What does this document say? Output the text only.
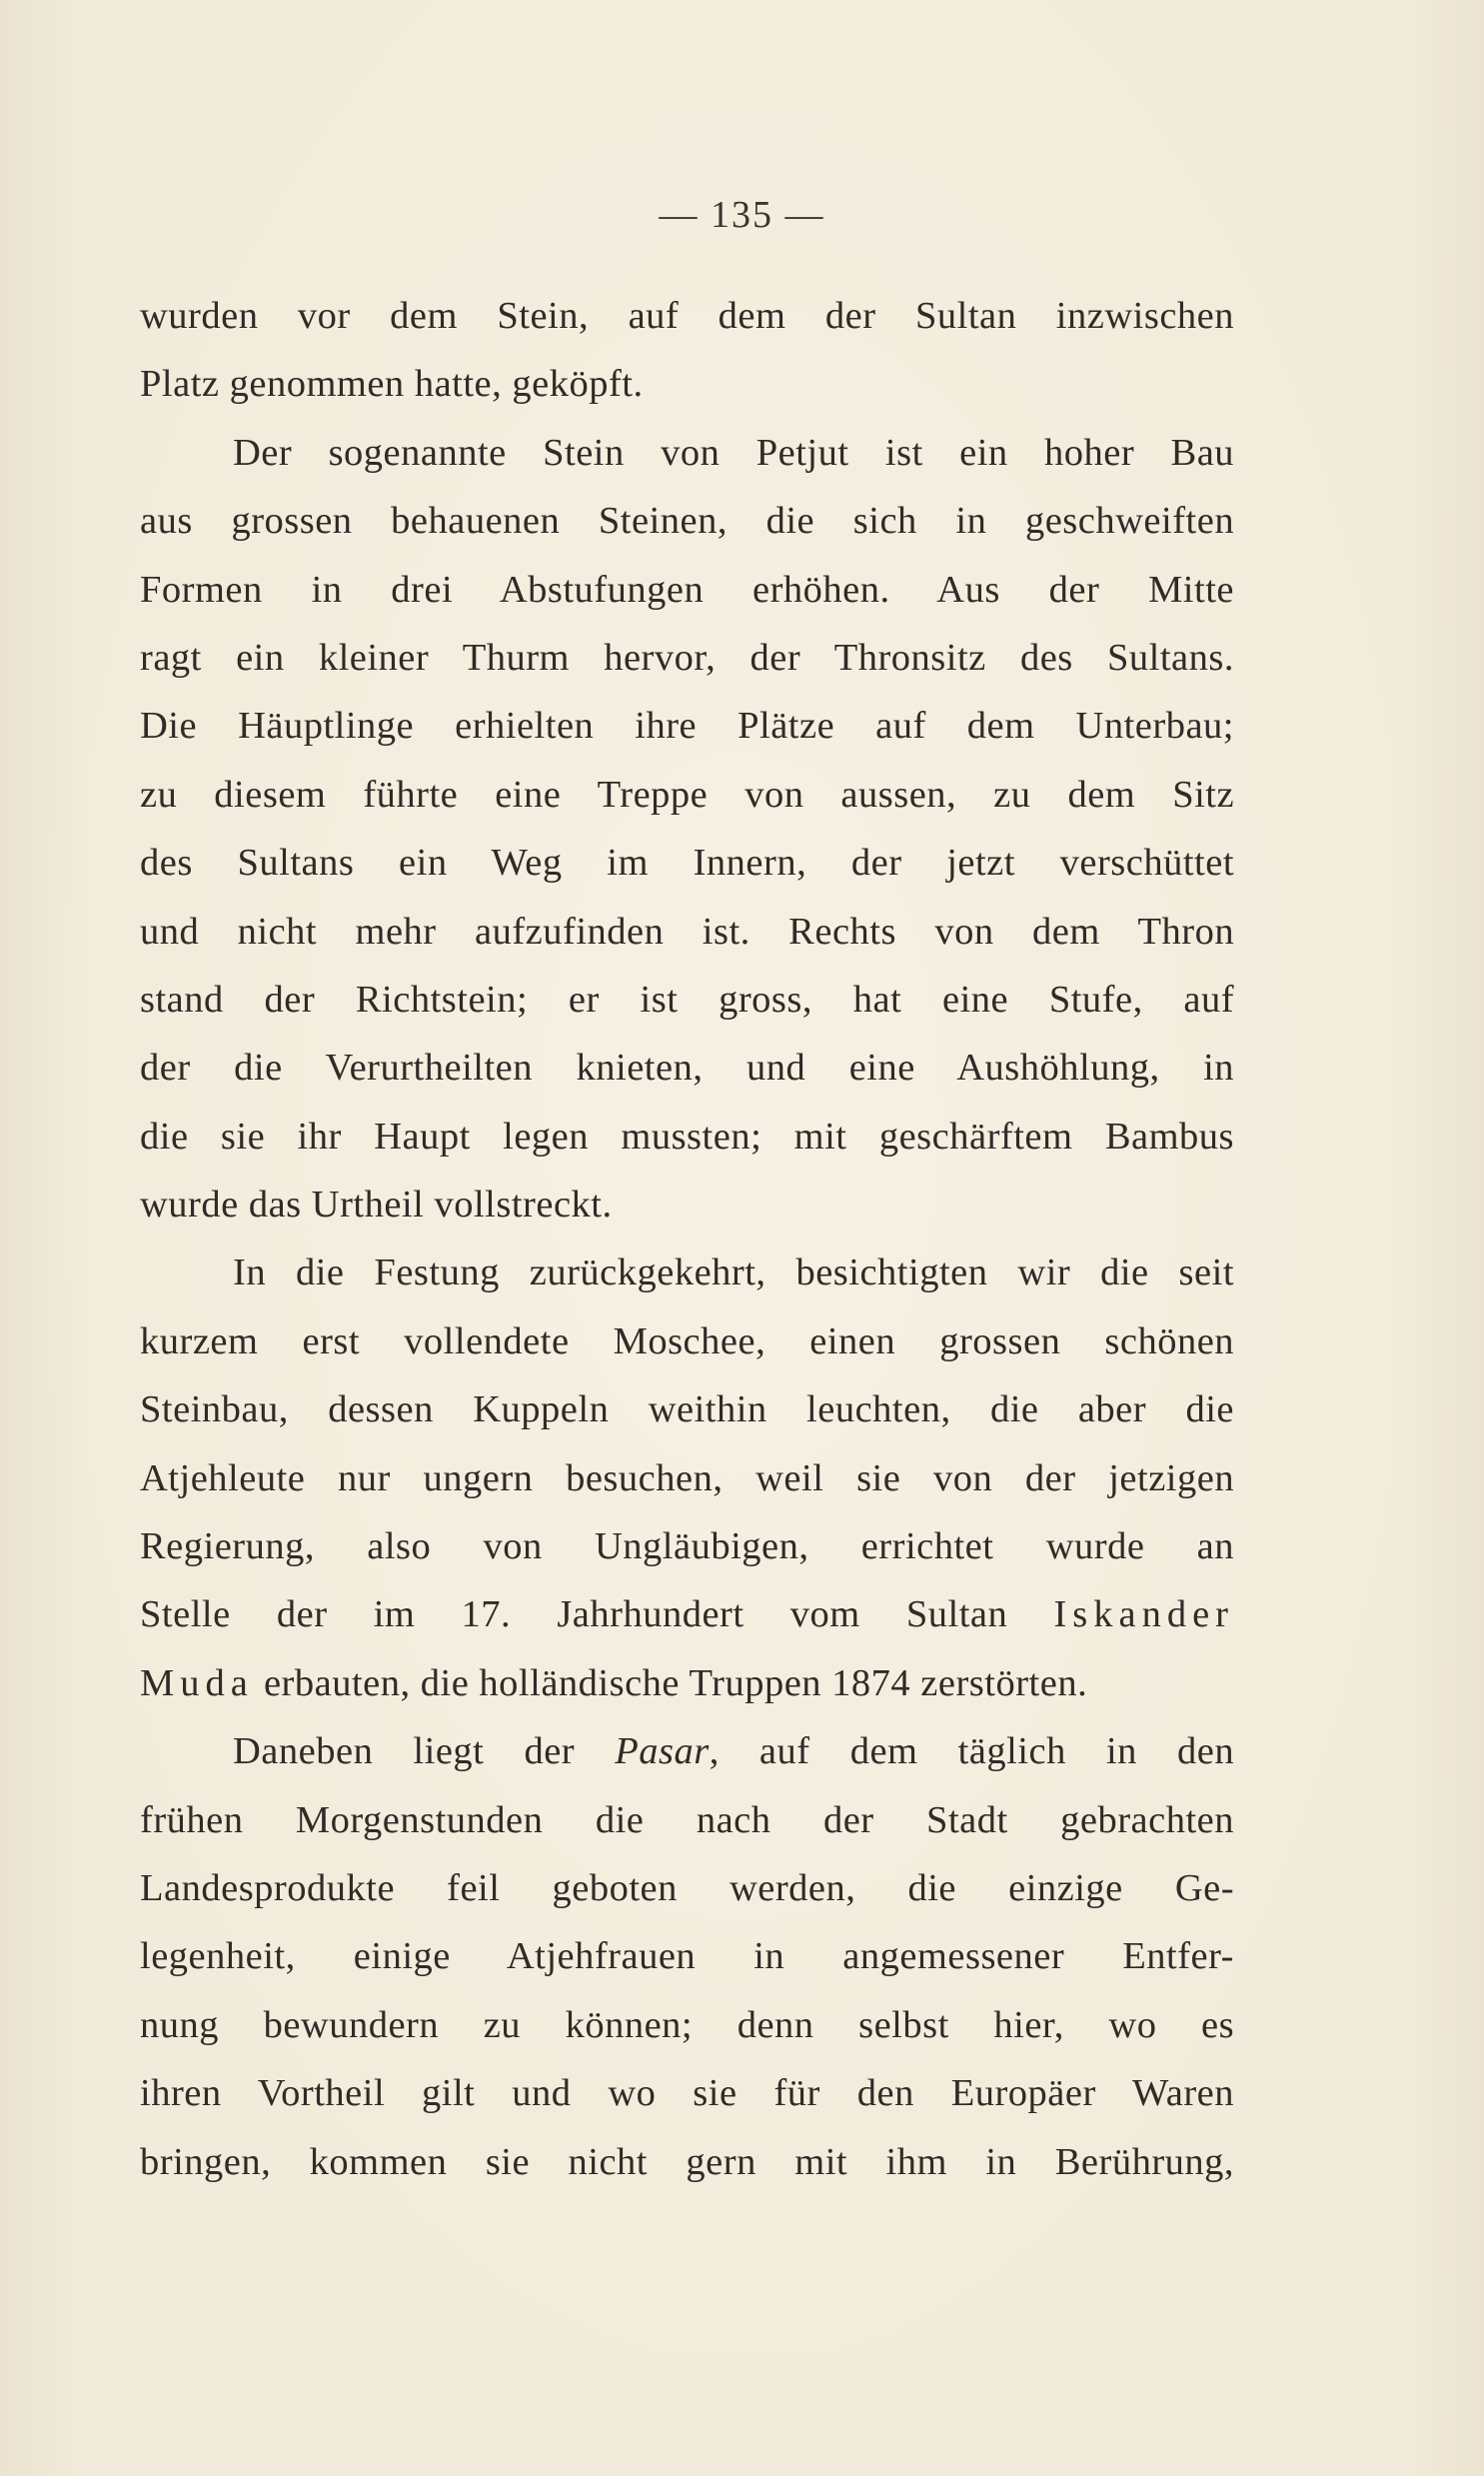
— 135 —
wurden vor dem Stein, auf dem der Sultan inzwischen
Platz genommen hatte, geköpft.
Der sogenannte Stein von Petjut ist ein hoher Bau
aus grossen behauenen Steinen, die sich in geschweiften
Formen in drei Abstufungen erhöhen. Aus der Mitte
ragt ein kleiner Thurm hervor, der Thronsitz des Sultans.
Die Häuptlinge erhielten ihre Plätze auf dem Unterbau;
zu diesem führte eine Treppe von aussen, zu dem Sitz
des Sultans ein Weg im Innern, der jetzt verschüttet
und nicht mehr aufzufinden ist. Rechts von dem Thron
stand der Richtstein; er ist gross, hat eine Stufe, auf
der die Verurtheilten knieten, und eine Aushöhlung, in
die sie ihr Haupt legen mussten; mit geschärftem Bambus
wurde das Urtheil vollstreckt.
In die Festung zurückgekehrt, besichtigten wir die seit
kurzem erst vollendete Moschee, einen grossen schönen
Steinbau, dessen Kuppeln weithin leuchten, die aber die
Atjehleute nur ungern besuchen, weil sie von der jetzigen
Regierung, also von Ungläubigen, errichtet wurde an
Stelle der im 17. Jahrhundert vom Sultan Iskander
Muda erbauten, die holländische Truppen 1874 zerstörten.
Daneben liegt der Pasar, auf dem täglich in den
frühen Morgenstunden die nach der Stadt gebrachten
Landesprodukte feil geboten werden, die einzige Ge-
legenheit, einige Atjehfrauen in angemessener Entfer-
nung bewundern zu können; denn selbst hier, wo es
ihren Vortheil gilt und wo sie für den Europäer Waren
bringen, kommen sie nicht gern mit ihm in Berührung,
